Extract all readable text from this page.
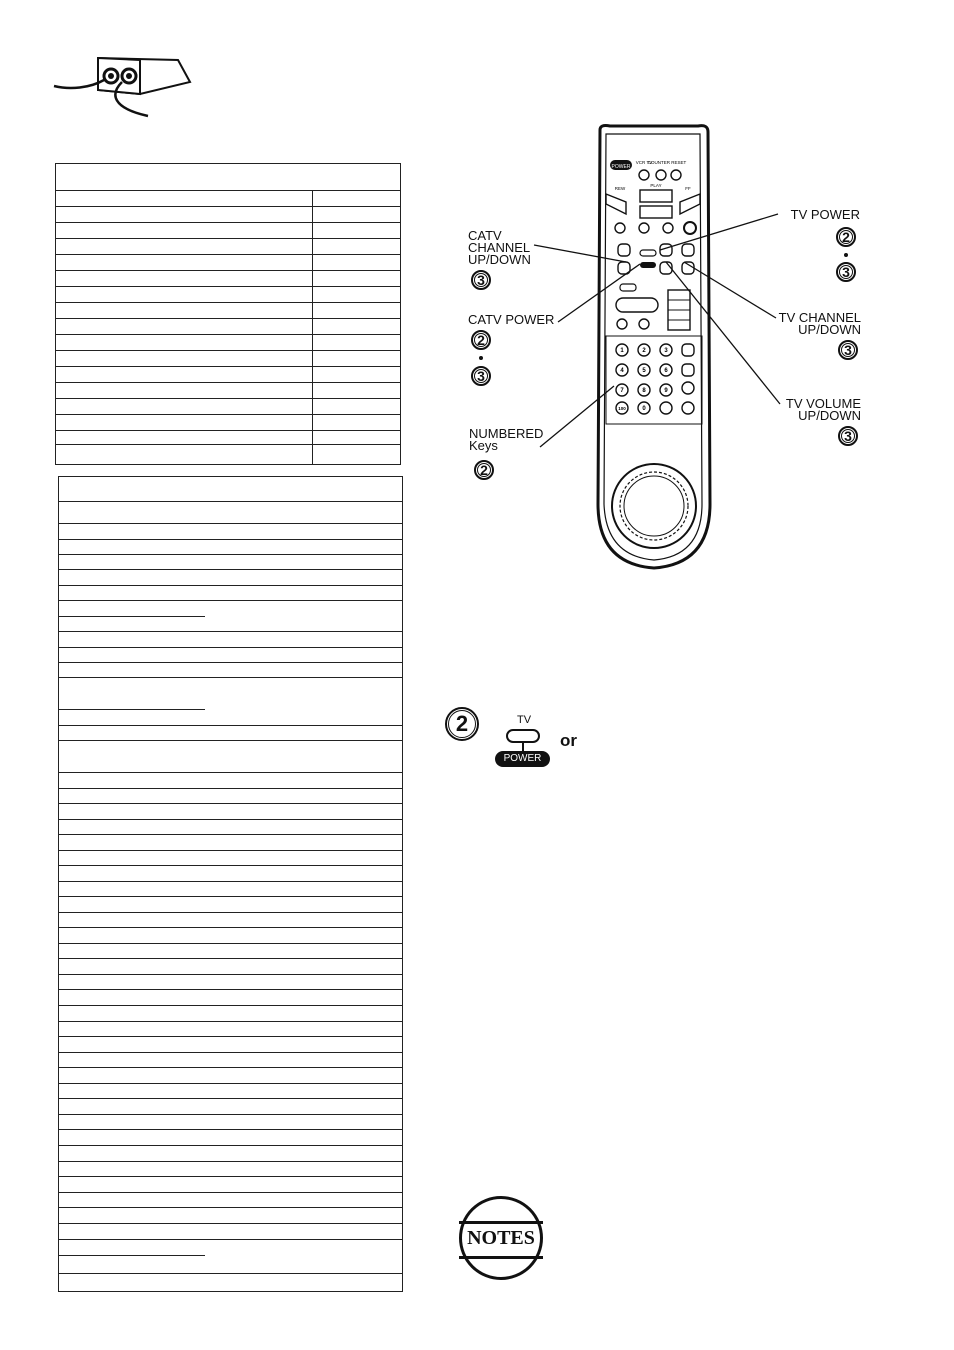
POWER
VCR TV
COUNTER RESET
REW
PLAY
FF
1	2	3
4	5	6
7	8	9
100	0
CATV
CHANNEL
UP/DOWN
3
CATV POWER
2
3
NUMBERED
Keys
2
TV POWER
2
3
TV CHANNEL
UP/DOWN
3
TV VOLUME
UP/DOWN
3
2	TV
POWER
or
NOTES
